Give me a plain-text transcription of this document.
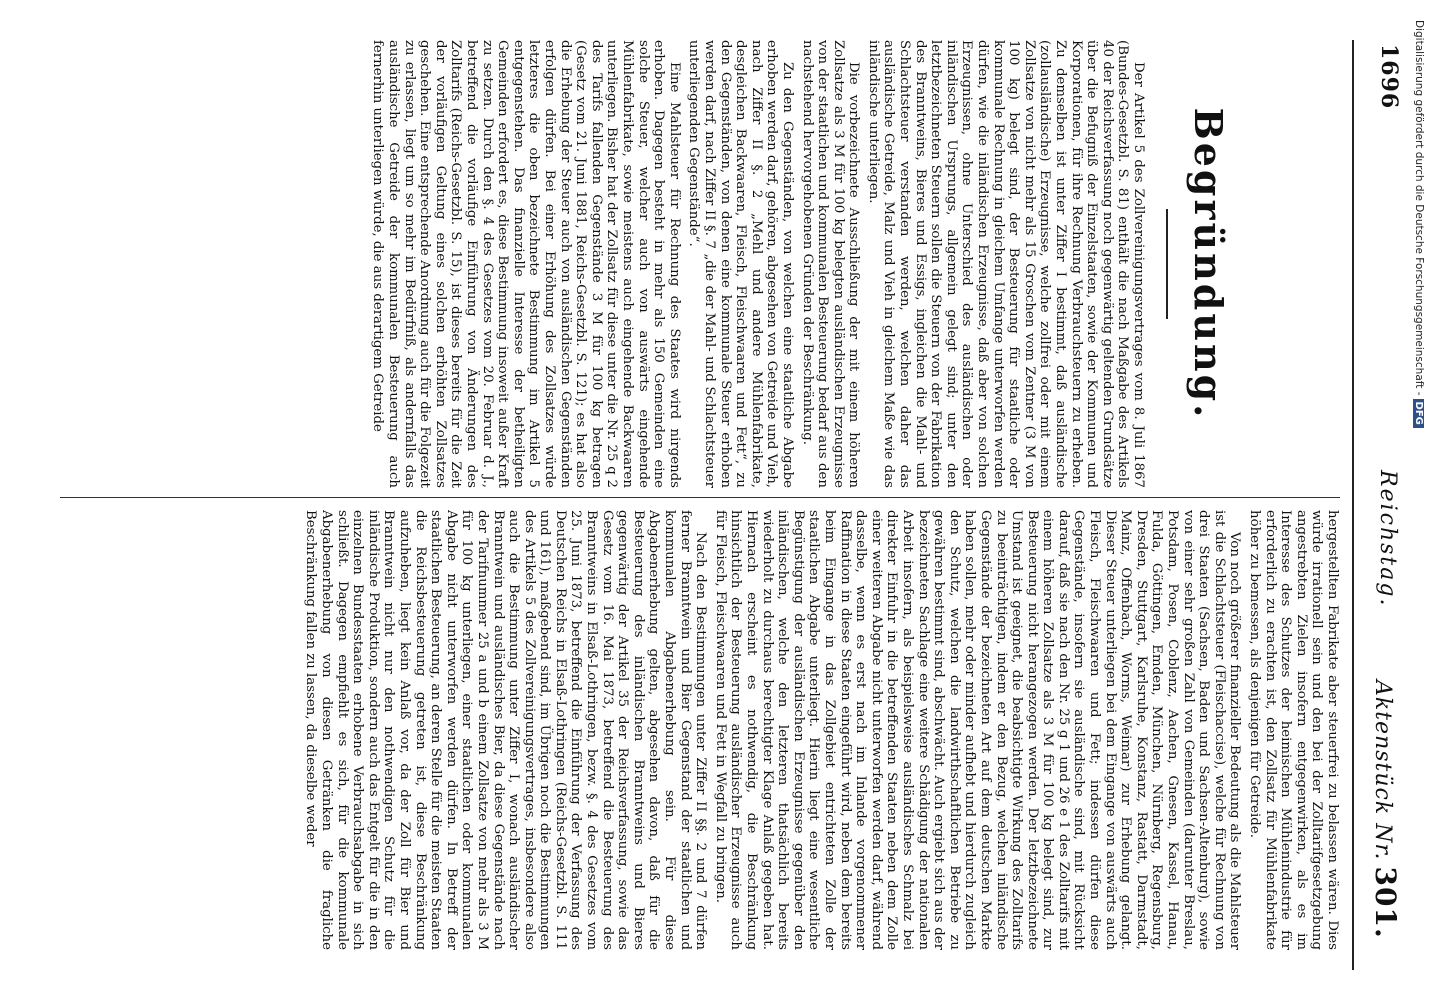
1696
Reichstag.
Aktenstück Nr.301.
Begründung.

Der Artikel 5 des Zollvereinigungsvertrages vom 8. Juli 1867 (Bundes-Gesetzbl. S. 81) enthält die nach Maßgabe des Artikels 40 der Reichsverfassung noch gegenwärtig geltenden Grundsätze über die Befugniß der Einzelstaaten, sowie der Kommunen und Korporationen, für ihre Rechnung Verbrauchsteuern zu erheben. Zu demselben ist unter Ziffer I bestimmt, daß ausländische (zollausländische) Erzeugnisse, welche zollfrei oder mit einem Zollsatze von nicht mehr als 15 Groschen vom Zentner (3 M von 100 kg) belegt sind, der Besteuerung für staatliche oder kommunale Rechnung in gleichem Umfange unterworfen werden dürfen, wie die inländischen Erzeugnisse, daß aber von solchen Erzeugnissen, ohne Unterschied des ausländischen oder inländischen Ursprungs, allgemein gelegt sind; unter den letztbezeichneten Steuern sollen die Steuern von der Fabrikation des Branntweins, Bieres und Essigs, ingleichen die Mahl- und Schlachtsteuer verstanden werden, welchen daher das ausländische Getreide, Malz und Vieh in gleichem Maße wie das inländische unterliegen.

Die vorbezeichnete Ausschließung der mit einem höheren Zollsatze als 3 M für 100 kg belegten ausländischen Erzeugnisse von der staatlichen und kommunalen Besteuerung bedarf aus den nachstehend hervorgehobenen Gründen der Beschränkung.

Zu den Gegenständen, von welchen eine staatliche Abgabe erhoben werden darf, gehören, abgesehen von Getreide und Vieh, nach Ziffer II §. 2 „Mehl und andere Mühlenfabrikate, desgleichen Backwaaren, Fleisch, Fleischwaaren und Fett“, zu den Gegenständen, von denen eine kommunale Steuer erhoben werden darf, nach Ziffer II §. 7 „die der Mahl- und Schlachtsteuer unterliegenden Gegenstände“.

Eine Mahlsteuer für Rechnung des Staates wird nirgends erhoben. Dagegen besteht in mehr als 150 Gemeinden eine solche Steuer, welcher auch von auswärts eingehende Mühlenfabrikate, sowie meistens auch eingehende Backwaaren unterliegen. Bisher hat der Zollsatz für diese unter die Nr. 25 q 2 des Tarifs fallenden Gegenstände 3 M für 100 kg betragen (Gesetz vom 21. Juni 1881, Reichs-Gesetzbl. S. 121); es hat also die Erhebung der Steuer auch von ausländischen Gegenständen erfolgen dürfen. Bei einer Erhöhung des Zollsatzes würde letzteres die oben bezeichnete Bestimmung im Artikel 5 entgegenstehen. Das finanzielle Interesse der betheiligten Gemeinden erfordert es, diese Bestimmung insoweit außer Kraft zu setzen. Durch den §. 4 des Gesetzes vom 20. Februar d. J., betreffend die vorläufige Einführung von Änderungen des Zolltarifs (Reichs-Gesetzbl. S. 15), ist dieses bereits für die Zeit der vorläufigen Geltung eines solchen erhöhten Zollsatzes geschehen. Eine entsprechende Anordnung auch für die Folgezeit zu erlassen, liegt um so mehr im Bedürfniß, als andernfalls das ausländische Getreide der kommunalen Besteuerung auch fernerhin unterliegen würde, die aus derartigem Getreide

hergestellten Fabrikate aber steuerfrei zu belassen wären. Dies würde irrationell sein und den bei der Zolltarifgesetzgebung angestrebten Zielen insofern entgegenwirken, als es im Interesse des Schutzes der heimischen Mühlenindustrie für erforderlich zu erachten ist, den Zollsatz für Mühlenfabrikate höher zu bemessen, als denjenigen für Getreide.

Von noch größerer finanzieller Bedeutung als die Mahlsteuer ist die Schlachtsteuer (Fleischaccise), welche für Rechnung von drei Staaten (Sachsen, Baden und Sachsen-Altenburg), sowie von einer sehr großen Zahl von Gemeinden (darunter Breslau, Potsdam, Posen, Coblenz, Aachen, Gnesen, Kassel, Hanau, Fulda, Göttingen, Emden, München, Nürnberg, Regensburg, Dresden, Stuttgart, Karlsruhe, Konstanz, Rastatt, Darmstadt, Mainz, Offenbach, Worms, Weimar) zur Erhebung gelangt. Dieser Steuer unterliegen bei dem Eingange von auswärts auch Fleisch, Fleischwaaren und Fett; indessen dürfen diese Gegenstände, insofern sie ausländische sind, mit Rücksicht darauf, daß sie nach den Nr. 25 g 1 und 26 e 1 des Zolltarifs mit einem höheren Zollsatze als 3 M für 100 kg belegt sind, zur Besteuerung nicht herangezogen werden. Der letztbezeichnete Umstand ist geeignet, die beabsichtigte Wirkung des Zolltarifs zu beeinträchtigen, indem er den Bezug, welchen inländische Gegenstände der bezeichneten Art auf dem deutschen Markte haben sollen, mehr oder minder aufhebt und hierdurch zugleich den Schutz, welchen die landwirthschaftlichen Betriebe zu gewähren bestimmt sind, abschwächt. Auch ergiebt sich aus der bezeichneten Sachlage eine weitere Schädigung der nationalen Arbeit insofern, als beispielsweise ausländisches Schmalz bei direkter Einfuhr in die betreffenden Staaten neben dem Zolle einer weiteren Abgabe nicht unterworfen werden darf, während dasselbe, wenn es erst nach im Inlande vorgenommener Raffination in diese Staaten eingeführt wird, neben dem bereits beim Eingange in das Zollgebiet entrichteten Zolle der staatlichen Abgabe unterliegt. Hierin liegt eine wesentliche Begünstigung der ausländischen Erzeugnisse gegenüber den inländischen, welche den letzteren thatsächlich bereits wiederholt zu durchaus berechtigter Klage Anlaß gegeben hat. Hiernach erscheint es nothwendig, die Beschränkung hinsichtlich der Besteuerung ausländischer Erzeugnisse auch für Fleisch, Fleischwaaren und Fett in Wegfall zu bringen.

Nach den Bestimmungen unter Ziffer II §§. 2 und 7 dürfen ferner Branntwein und Bier Gegenstand der staatlichen und kommunalen Abgabenerhebung sein. Für diese Abgabenerhebung gelten, abgesehen davon, daß für die Besteuerung des inländischen Branntweins und Bieres gegenwärtig der Artikel 35 der Reichsverfassung, sowie das Gesetz vom 16. Mai 1873, betreffend die Besteuerung des Branntweins in Elsaß-Lothringen, bezw. §. 4 des Gesetzes vom 25. Juni 1873, betreffend die Einführung der Verfassung des Deutschen Reichs in Elsaß-Lothringen (Reichs-Gesetzbl. S. 111 und 161), maßgebend sind, im Übrigen noch die Bestimmungen des Artikels 5 des Zollvereinigungsvertrages, insbesondere also auch die Bestimmung unter Ziffer I, wonach ausländischer Branntwein und ausländisches Bier, da diese Gegenstände nach der Tarifnummer 25 a und b einem Zollsatze von mehr als 3 M für 100 kg unterliegen, einer staatlichen oder kommunalen Abgabe nicht unterworfen werden dürfen. In Betreff der staatlichen Besteuerung, an deren Stelle für die meisten Staaten die Reichsbesteuerung getreten ist, diese Beschränkung aufzuheben, liegt kein Anlaß vor, da der Zoll für Bier und Branntwein nicht nur den nothwendigen Schutz für die inländische Produktion, sondern auch das Entgelt für die in den einzelnen Bundesstaaten erhobene Verbrauchsabgabe in sich schließt. Dagegen empfiehlt es sich, für die kommunale Abgabenerhebung von diesen Getränken die fragliche Beschränkung fallen zu lassen, da dieselbe weder

Digitalisierung gefördert durch die Deutsche Forschungsgemeinschaft -DFG
